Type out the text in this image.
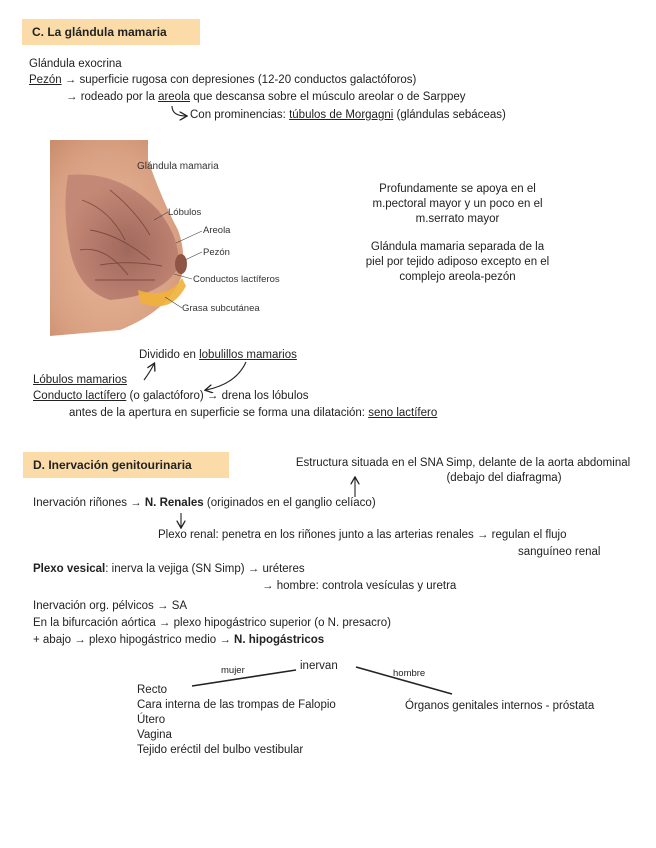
C. La glándula mamaria
Glándula exocrina
Pezón → superficie rugosa con depresiones (12-20 conductos galactóforos)
→ rodeado por la areola que descansa sobre el músculo areolar o de Sarppey
Con prominencias: túbulos de Morgagni (glándulas sebáceas)
Glándula mamaria
Lóbulos
Areola
Pezón
Conductos lactíferos
Grasa subcutánea
Profundamente se apoya en el
m.pectoral mayor y un poco en el
m.serrato mayor
Glándula mamaria separada de la
piel por tejido adiposo excepto en el
complejo areola-pezón
Dividido en lobulillos mamarios
Lóbulos mamarios
Conducto lactífero (o galactóforo) → drena los lóbulos
antes de la apertura en superficie se forma una dilatación: seno lactífero
D. Inervación genitourinaria	Estructura situada en el SNA Simp, delante de la aorta abdominal
(debajo del diafragma)
Inervación riñones → N. Renales (originados en el ganglio celíaco)
Plexo renal: penetra en los riñones junto a las arterias renales → regulan el flujo
sanguíneo renal
Plexo vesical: inerva la vejiga (SN Simp) → uréteres
→ hombre: controla vesículas y uretra
Inervación org. pélvicos → SA
En la bifurcación aórtica → plexo hipogástrico superior (o N. presacro)
+ abajo → plexo hipogástrico medio → N. hipogástricos
inervan
mujer	hombre
Recto
Cara interna de las trompas de Falopio
Útero
Vagina
Tejido eréctil del bulbo vestibular
Órganos genitales internos - próstata
